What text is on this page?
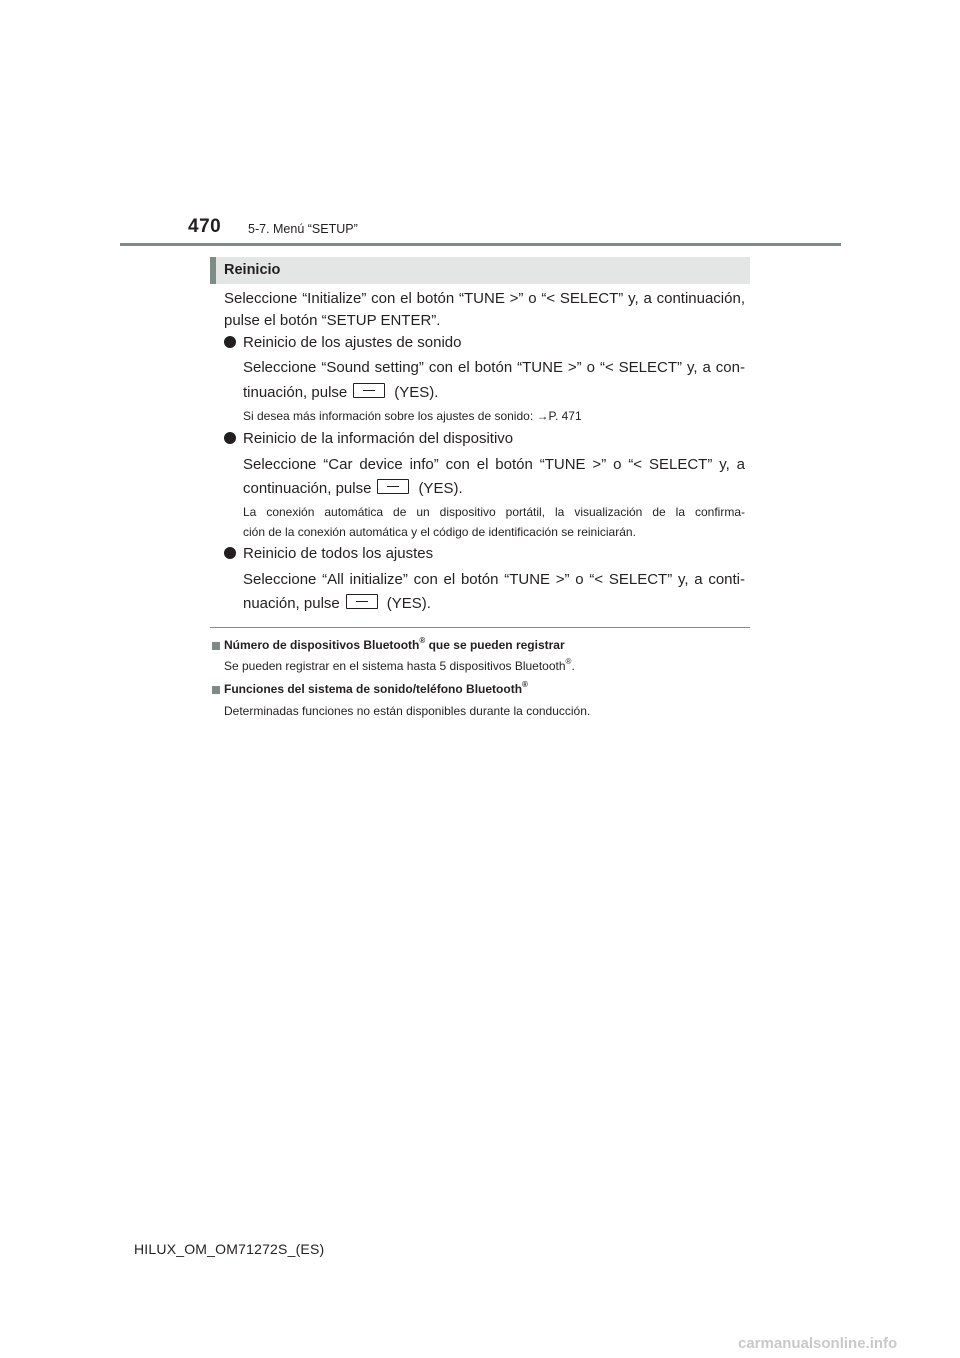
470 5-7. Menú “SETUP”
Reinicio
Seleccione “Initialize” con el botón “TUNE >” o “< SELECT” y, a continuación,
pulse el botón “SETUP ENTER”.
Reinicio de los ajustes de sonido
Seleccione “Sound setting” con el botón “TUNE >” o “< SELECT” y, a con-
tinuación, pulse	(YES).
Si desea más información sobre los ajustes de sonido: →P. 471
Reinicio de la información del dispositivo
Seleccione “Car device info” con el botón “TUNE >” o “< SELECT” y, a
continuación, pulse	(YES).
La conexión automática de un dispositivo portátil, la visualización de la confirma-
ción de la conexión automática y el código de identificación se reiniciarán.
Reinicio de todos los ajustes
Seleccione “All initialize” con el botón “TUNE >” o “< SELECT” y, a conti-
nuación, pulse	(YES).
Número de dispositivos Bluetooth® que se pueden registrar
Se pueden registrar en el sistema hasta 5 dispositivos Bluetooth®.
Funciones del sistema de sonido/teléfono Bluetooth®
Determinadas funciones no están disponibles durante la conducción.
HILUX_OM_OM71272S_(ES)
carmanualsonline.info
